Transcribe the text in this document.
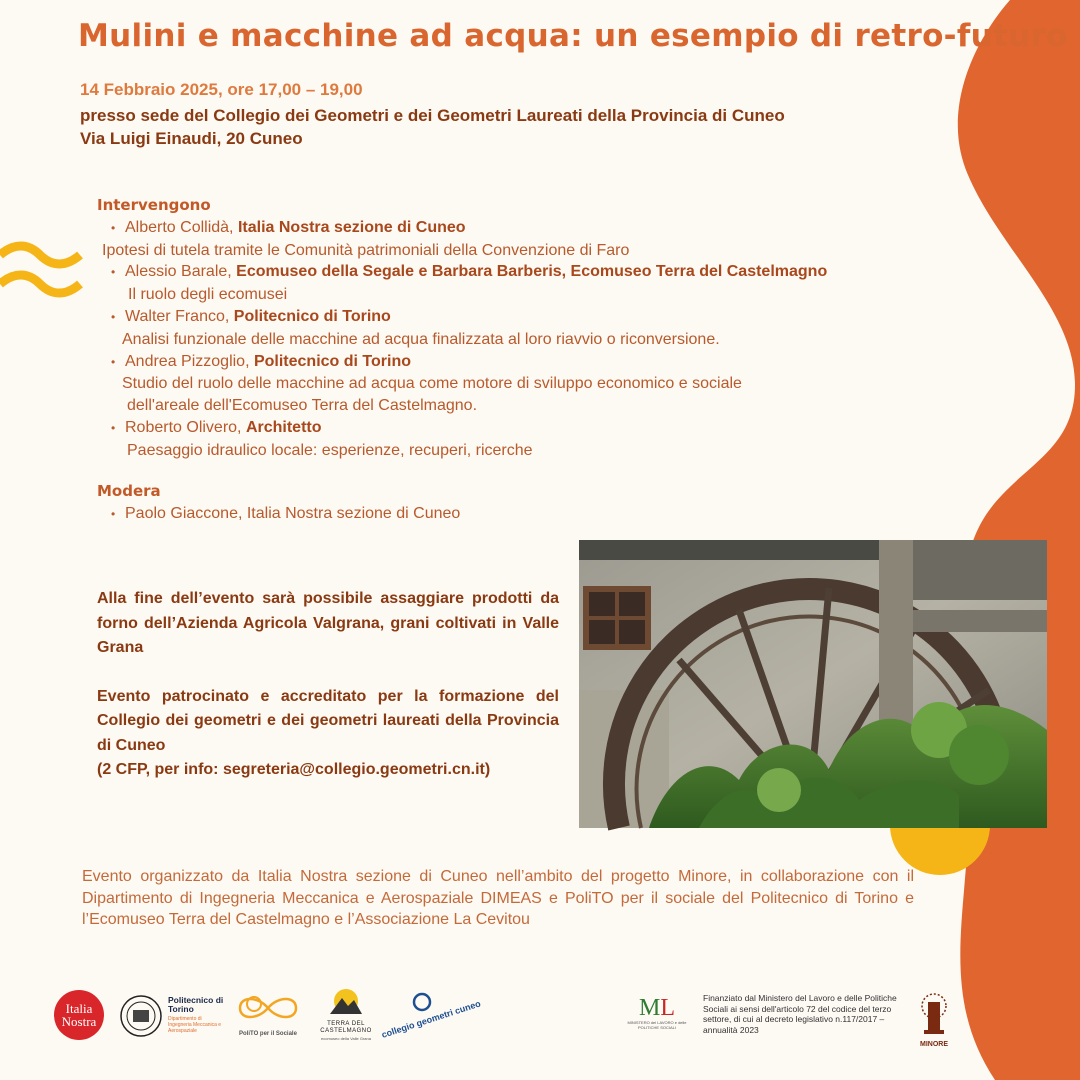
Mulini e macchine ad acqua: un esempio di retro-futuro
14 Febbraio 2025, ore 17,00 – 19,00
presso sede del Collegio dei Geometri e dei Geometri Laureati della Provincia di Cuneo
Via Luigi Einaudi, 20 Cuneo
Intervengono
• Alberto Collidà, Italia Nostra sezione di Cuneo
Ipotesi di tutela tramite le Comunità patrimoniali della Convenzione di Faro
• Alessio Barale, Ecomuseo della Segale e Barbara Barberis, Ecomuseo Terra del Castelmagno
Il ruolo degli ecomusei
• Walter Franco, Politecnico di Torino
Analisi funzionale delle macchine ad acqua finalizzata al loro riavvio o riconversione.
• Andrea Pizzoglio, Politecnico di Torino
Studio del ruolo delle macchine ad acqua come motore di sviluppo economico e sociale
dell'areale dell'Ecomuseo Terra del Castelmagno.
• Roberto Olivero, Architetto
Paesaggio idraulico locale: esperienze, recuperi, ricerche
Modera
• Paolo Giaccone, Italia Nostra sezione di Cuneo

Alla fine dell’evento sarà possibile assaggiare prodotti da forno dell’Azienda Agricola Valgrana, grani coltivati in Valle Grana

Evento patrocinato e accreditato per la formazione del Collegio dei geometri e dei geometri laureati della Provincia di Cuneo

(2 CFP, per info: segreteria@collegio.geometri.cn.it)

Evento organizzato da Italia Nostra sezione di Cuneo nell’ambito del progetto Minore, in collaborazione con il Dipartimento di Ingegneria Meccanica e Aerospaziale DIMEAS e PoliTO per il sociale del Politecnico di Torino e l’Ecomuseo Terra del Castelmagno e l’Associazione La Cevitou
Italia Nostra
Politecnico di Torino
Dipartimento di Ingegneria Meccanica e Aerospaziale	PoliTO per il Sociale
TERRA DEL CASTELMAGNO
ecomuseo della Valle Grana	collegio geometri cuneo	ML
MINISTERO del LAVORO e delle POLITICHE SOCIALI
Finanziato dal Ministero del Lavoro e delle Politiche Sociali ai sensi dell'articolo 72 del codice del terzo settore, di cui al decreto legislativo n.117/2017 – annualità 2023
MINORE
